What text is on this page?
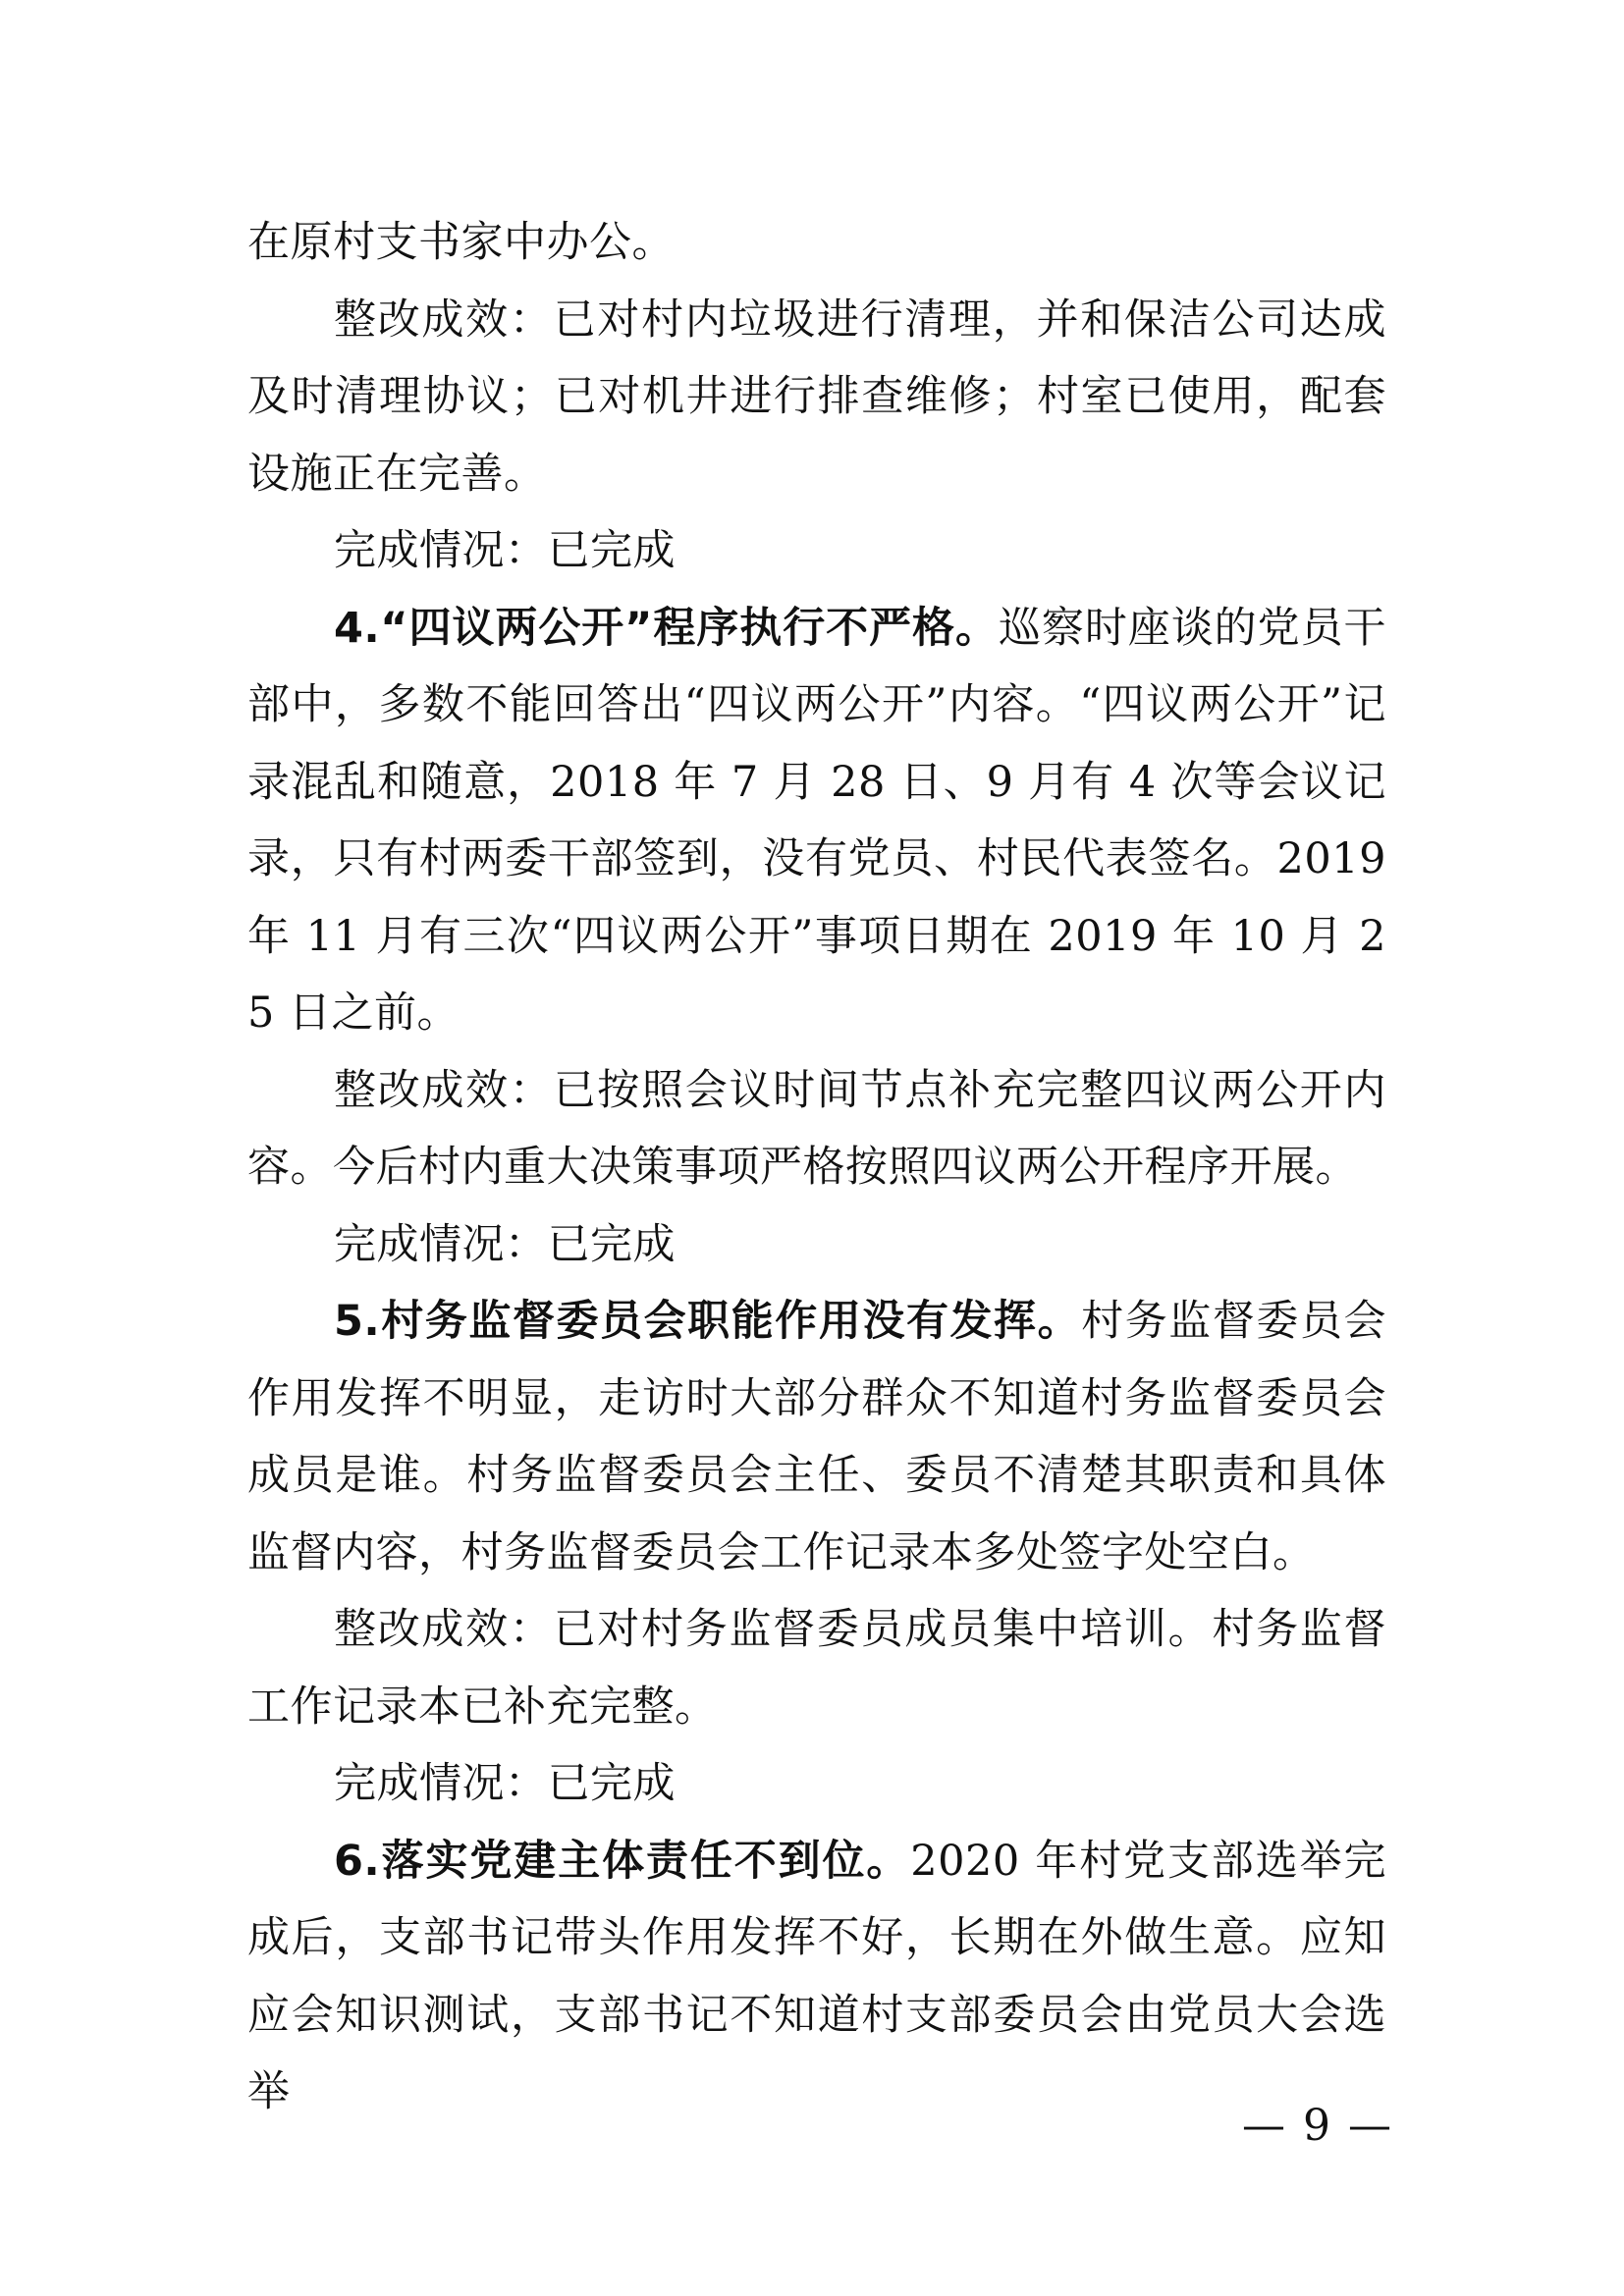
在原村支书家中办公。

整改成效：已对村内垃圾进行清理，并和保洁公司达成及时清理协议；已对机井进行排查维修；村室已使用，配套设施正在完善。

完成情况：已完成

4.“四议两公开”程序执行不严格。巡察时座谈的党员干部中，多数不能回答出“四议两公开”内容。“四议两公开”记录混乱和随意，2018 年 7 月 28 日、9 月有 4 次等会议记录，只有村两委干部签到，没有党员、村民代表签名。2019 年 11 月有三次“四议两公开”事项日期在 2019 年 10 月 25 日之前。

整改成效：已按照会议时间节点补充完整四议两公开内容。今后村内重大决策事项严格按照四议两公开程序开展。

完成情况：已完成

5.村务监督委员会职能作用没有发挥。村务监督委员会作用发挥不明显，走访时大部分群众不知道村务监督委员会成员是谁。村务监督委员会主任、委员不清楚其职责和具体监督内容，村务监督委员会工作记录本多处签字处空白。

整改成效：已对村务监督委员成员集中培训。村务监督工作记录本已补充完整。

完成情况：已完成

6.落实党建主体责任不到位。2020 年村党支部选举完成后，支部书记带头作用发挥不好，长期在外做生意。应知应会知识测试，支部书记不知道村支部委员会由党员大会选举

— 9 —
